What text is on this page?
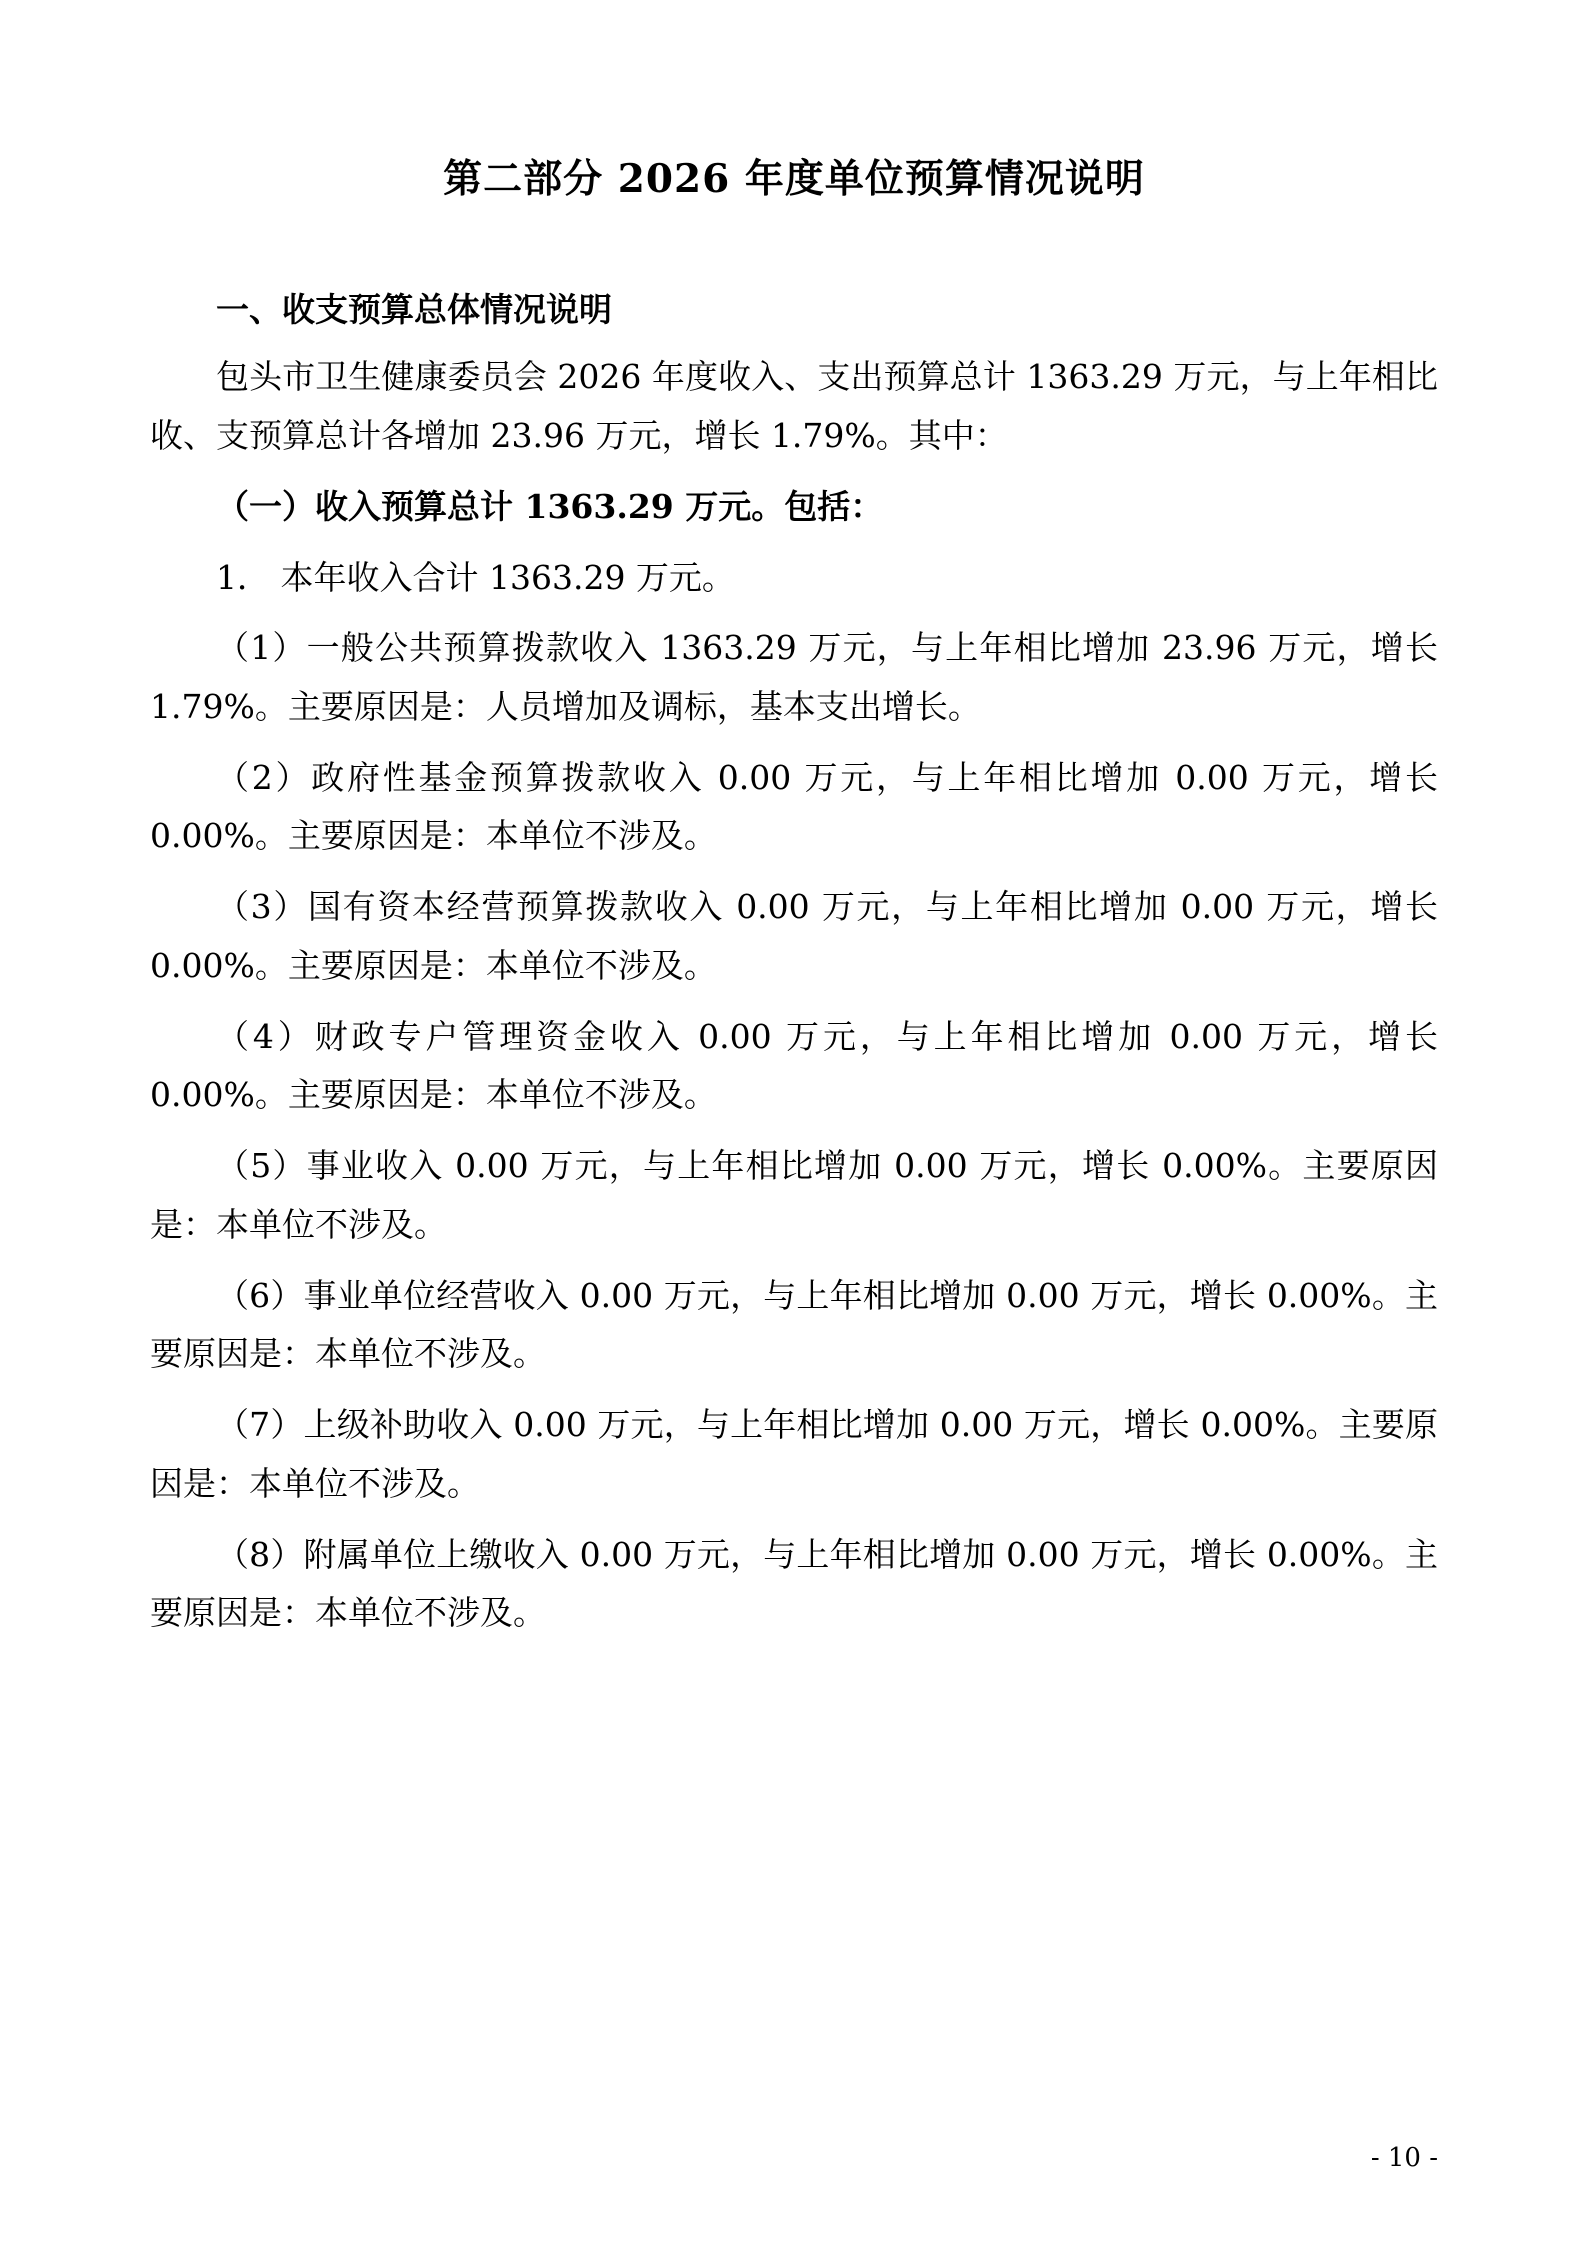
第二部分 2026 年度单位预算情况说明
一、收支预算总体情况说明

包头市卫生健康委员会 2026 年度收入、支出预算总计 1363.29 万元，与上年相比收、支预算总计各增加 23.96 万元，增长 1.79%。其中：

（一）收入预算总计 1363.29 万元。包括：

1． 本年收入合计 1363.29 万元。

（1）一般公共预算拨款收入 1363.29 万元，与上年相比增加 23.96 万元，增长 1.79%。主要原因是：人员增加及调标，基本支出增长。

（2）政府性基金预算拨款收入 0.00 万元，与上年相比增加 0.00 万元，增长 0.00%。主要原因是：本单位不涉及。

（3）国有资本经营预算拨款收入 0.00 万元，与上年相比增加 0.00 万元，增长 0.00%。主要原因是：本单位不涉及。

（4）财政专户管理资金收入 0.00 万元，与上年相比增加 0.00 万元，增长 0.00%。主要原因是：本单位不涉及。

（5）事业收入 0.00 万元，与上年相比增加 0.00 万元，增长 0.00%。主要原因是：本单位不涉及。

（6）事业单位经营收入 0.00 万元，与上年相比增加 0.00 万元，增长 0.00%。主要原因是：本单位不涉及。

（7）上级补助收入 0.00 万元，与上年相比增加 0.00 万元，增长 0.00%。主要原因是：本单位不涉及。

（8）附属单位上缴收入 0.00 万元，与上年相比增加 0.00 万元，增长 0.00%。主要原因是：本单位不涉及。

- 10 -
